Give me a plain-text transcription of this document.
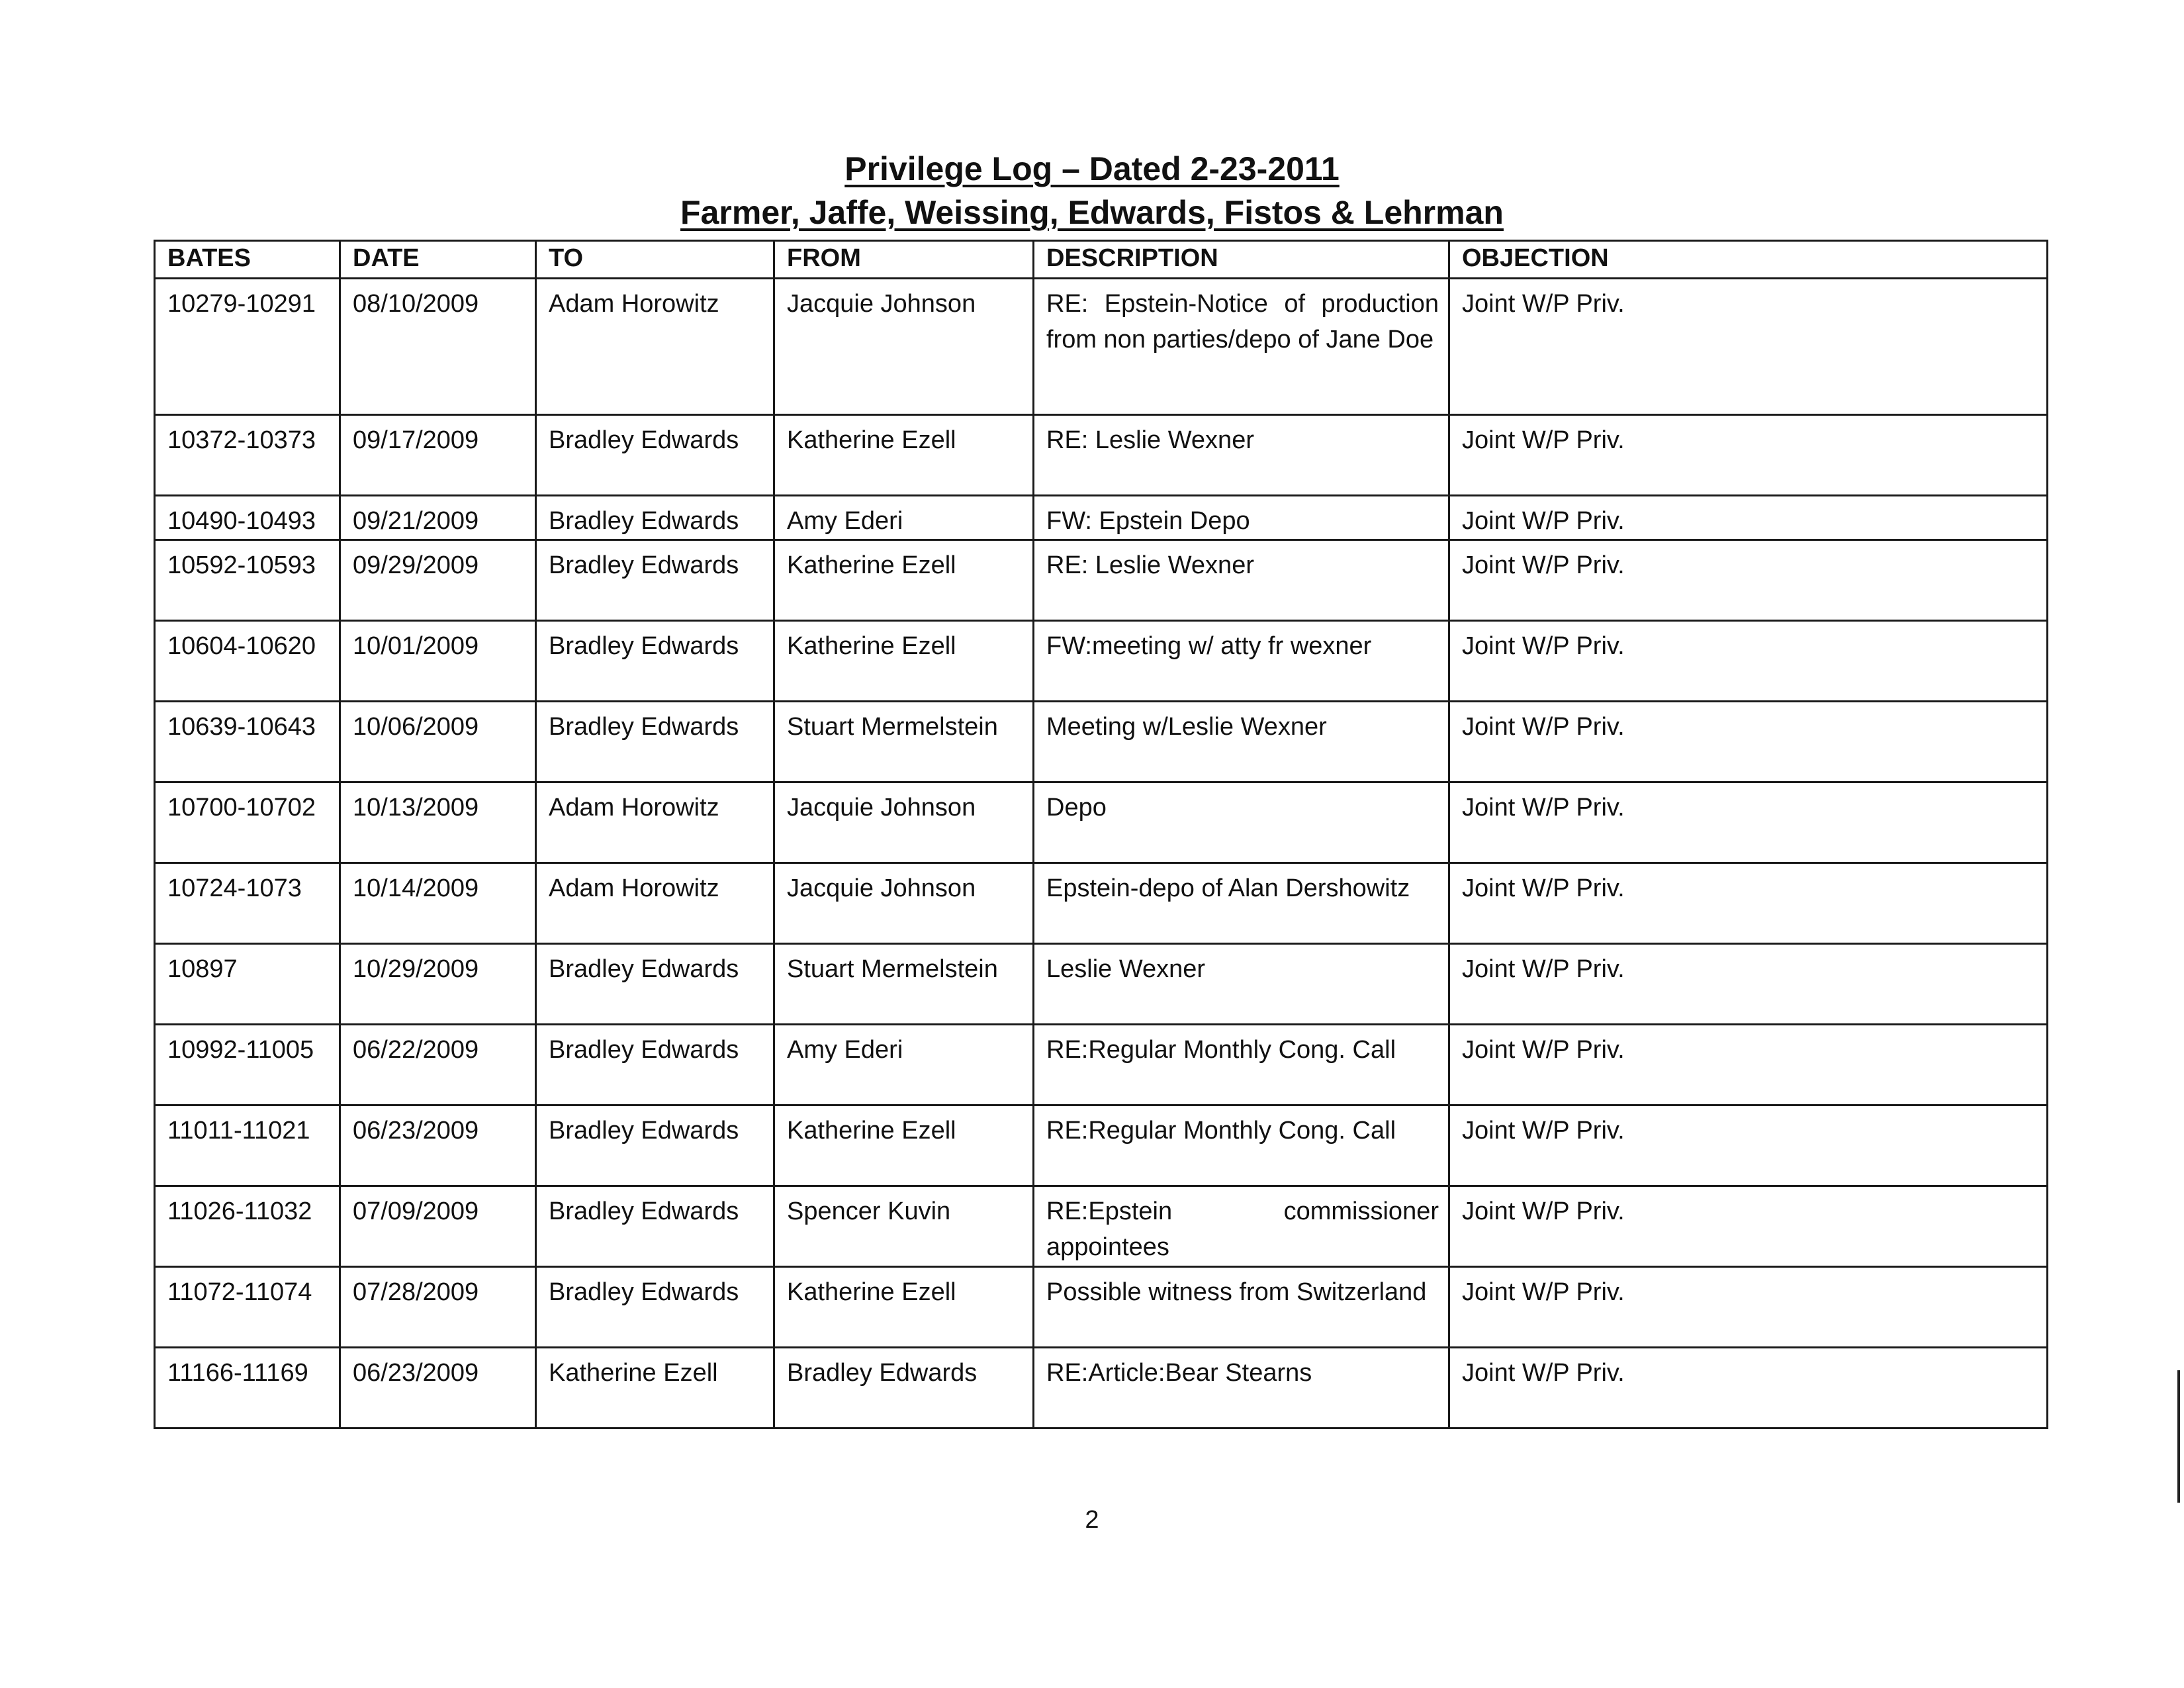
Privilege Log – Dated 2-23-2011
Farmer, Jaffe, Weissing, Edwards, Fistos & Lehrman
BATES	DATE	TO	FROM	DESCRIPTION	OBJECTION
10279-10291	08/10/2009	Adam Horowitz	Jacquie Johnson	RE: Epstein-Notice of production from non parties/depo of Jane Doe	Joint W/P Priv.
10372-10373	09/17/2009	Bradley Edwards	Katherine Ezell	RE: Leslie Wexner	Joint W/P Priv.
10490-10493	09/21/2009	Bradley Edwards	Amy Ederi	FW: Epstein Depo	Joint W/P Priv.
10592-10593	09/29/2009	Bradley Edwards	Katherine Ezell	RE: Leslie Wexner	Joint W/P Priv.
10604-10620	10/01/2009	Bradley Edwards	Katherine Ezell	FW:meeting w/ atty fr wexner	Joint W/P Priv.
10639-10643	10/06/2009	Bradley Edwards	Stuart Mermelstein	Meeting w/Leslie Wexner	Joint W/P Priv.
10700-10702	10/13/2009	Adam Horowitz	Jacquie Johnson	Depo	Joint W/P Priv.
10724-1073	10/14/2009	Adam Horowitz	Jacquie Johnson	Epstein-depo of Alan Dershowitz	Joint W/P Priv.
10897	10/29/2009	Bradley Edwards	Stuart Mermelstein	Leslie Wexner	Joint W/P Priv.
10992-11005	06/22/2009	Bradley Edwards	Amy Ederi	RE:Regular Monthly Cong. Call	Joint W/P Priv.
11011-11021	06/23/2009	Bradley Edwards	Katherine Ezell	RE:Regular Monthly Cong. Call	Joint W/P Priv.
11026-11032	07/09/2009	Bradley Edwards	Spencer Kuvin	RE:Epstein commissioner appointees	Joint W/P Priv.
11072-11074	07/28/2009	Bradley Edwards	Katherine Ezell	Possible witness from Switzerland	Joint W/P Priv.
11166-11169	06/23/2009	Katherine Ezell	Bradley Edwards	RE:Article:Bear Stearns	Joint W/P Priv.
2
